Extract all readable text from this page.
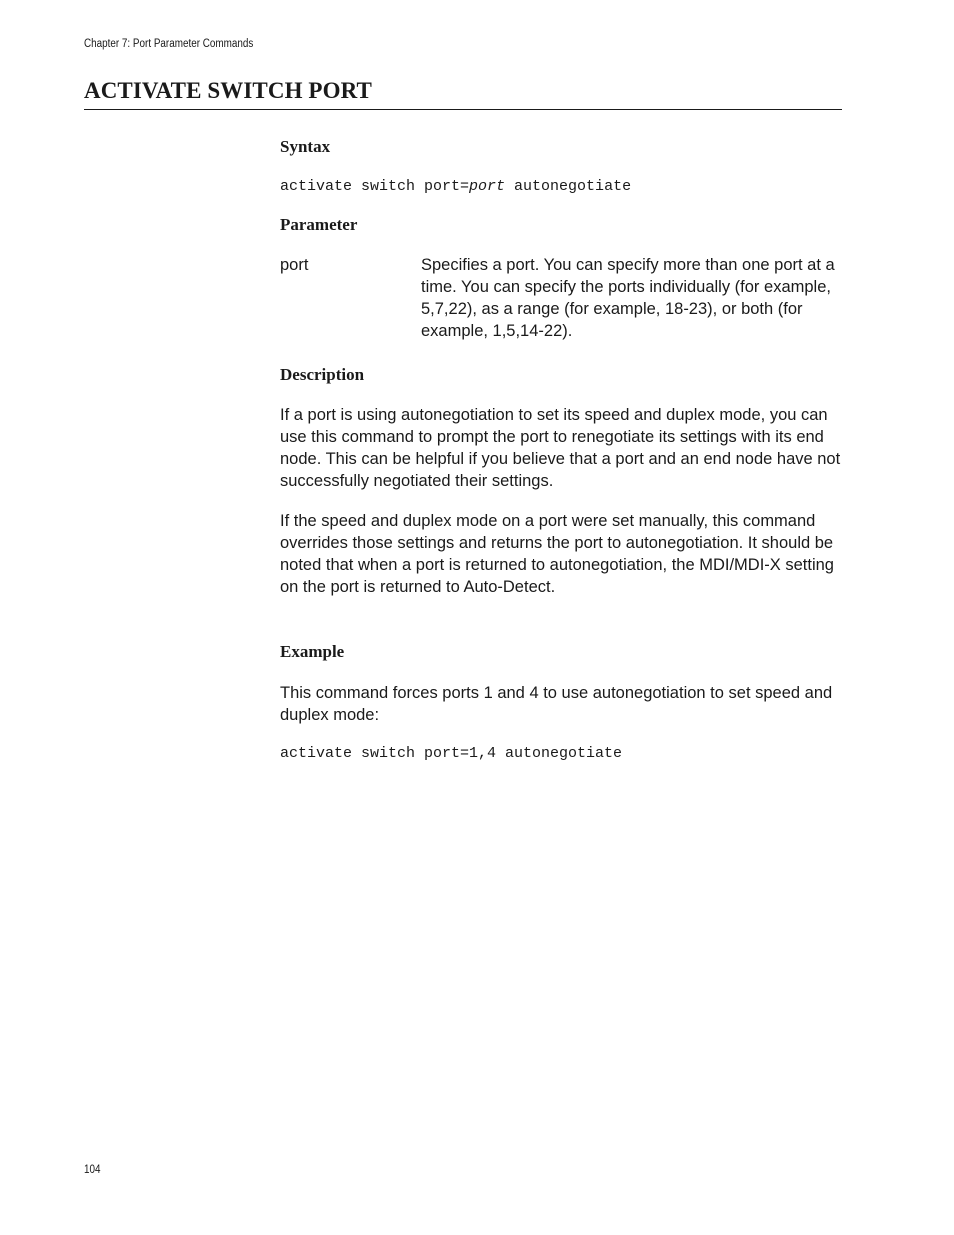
Chapter 7: Port Parameter Commands
ACTIVATE SWITCH PORT
Syntax
activate switch port=port autonegotiate
Parameter
port	Specifies a port. You can specify more than one port at a time. You can specify the ports individually (for example, 5,7,22), as a range (for example, 18-23), or both (for example, 1,5,14-22).

Description

If a port is using autonegotiation to set its speed and duplex mode, you can use this command to prompt the port to renegotiate its settings with its end node. This can be helpful if you believe that a port and an end node have not successfully negotiated their settings.

If the speed and duplex mode on a port were set manually, this command overrides those settings and returns the port to autonegotiation. It should be noted that when a port is returned to autonegotiation, the MDI/MDI-X setting on the port is returned to Auto-Detect.

Example

This command forces ports 1 and 4 to use autonegotiation to set speed and duplex mode:

activate switch port=1,4 autonegotiate
104
